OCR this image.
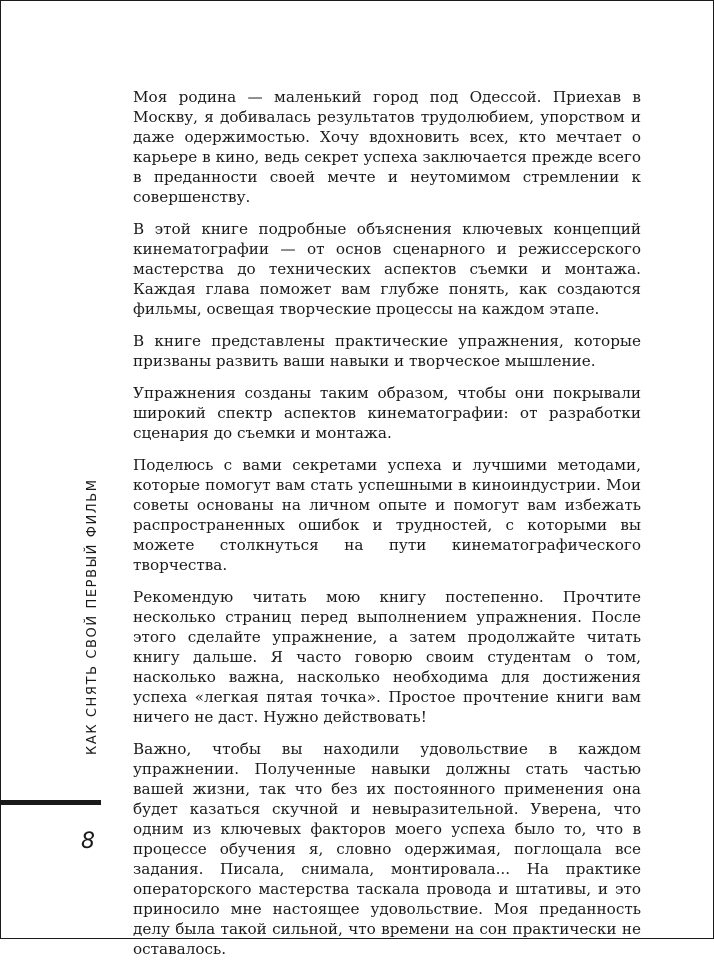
КАК СНЯТЬ СВОЙ ПЕРВЫЙ ФИЛЬМ
8

Моя родина — маленький город под Одессой. Приехав в Москву, я добивалась результатов трудолюбием, упорством и даже одержимостью. Хочу вдохновить всех, кто мечтает о карьере в кино, ведь секрет успеха заключается прежде всего в преданности своей мечте и неутомимом стремлении к совершенству.

В этой книге подробные объяснения ключевых концепций кинематографии — от основ сценарного и режиссерского мастерства до технических аспектов съемки и монтажа. Каждая глава поможет вам глубже понять, как создаются фильмы, освещая творческие процессы на каждом этапе.

В книге представлены практические упражнения, которые призваны развить ваши навыки и творческое мышление.

Упражнения созданы таким образом, чтобы они покрывали широкий спектр аспектов кинематографии: от разработки сценария до съемки и монтажа.

Поделюсь с вами секретами успеха и лучшими методами, которые помогут вам стать успешными в киноиндустрии. Мои советы основаны на личном опыте и помогут вам избежать распространенных ошибок и трудностей, с которыми вы можете столкнуться на пути кинематографического творчества.

Рекомендую читать мою книгу постепенно. Прочтите несколько страниц перед выполнением упражнения. После этого сделайте упражнение, а затем продолжайте читать книгу дальше. Я часто говорю своим студентам о том, насколько важна, насколько необходима для достижения успеха «легкая пятая точка». Простое прочтение книги вам ничего не даст. Нужно действовать!

Важно, чтобы вы находили удовольствие в каждом упражнении. Полученные навыки должны стать частью вашей жизни, так что без их постоянного применения она будет казаться скучной и невыразительной. Уверена, что одним из ключевых факторов моего успеха было то, что в процессе обучения я, словно одержимая, поглощала все задания. Писала, снимала, монтировала... На практике операторского мастерства таскала провода и штативы, и это приносило мне настоящее удовольствие. Моя преданность делу была такой сильной, что времени на сон практически не оставалось.
